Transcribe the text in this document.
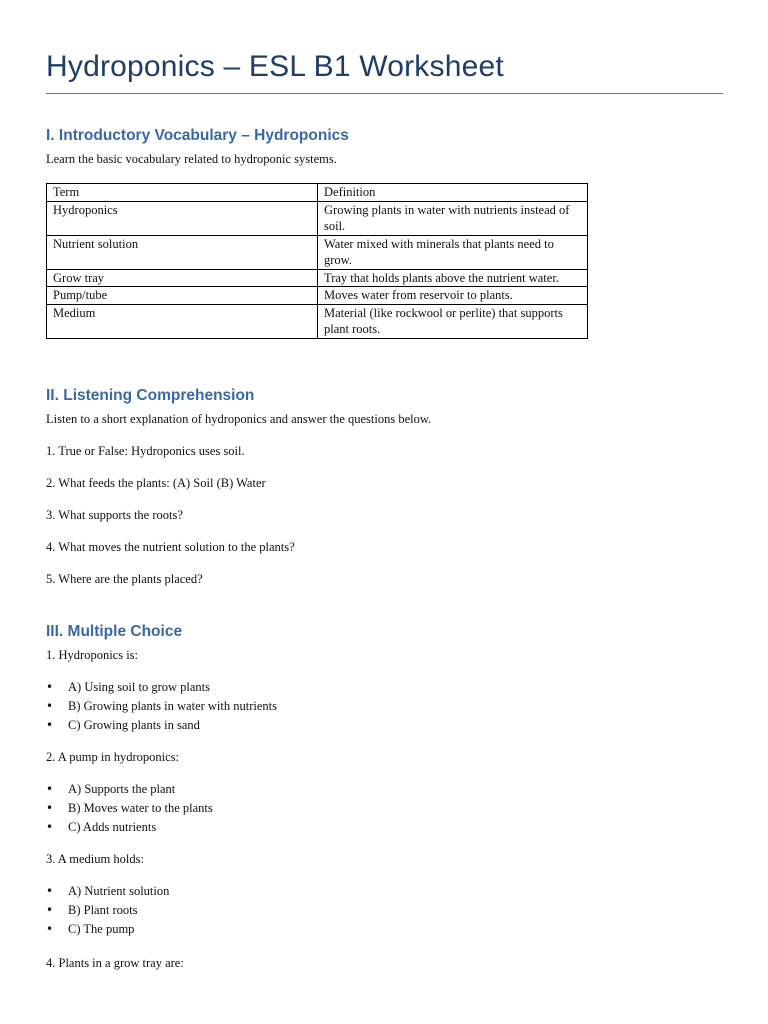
Hydroponics – ESL B1 Worksheet
I. Introductory Vocabulary – Hydroponics

Learn the basic vocabulary related to hydroponic systems.

Term	Definition
Hydroponics	Growing plants in water with nutrients instead of soil.
Nutrient solution	Water mixed with minerals that plants need to grow.
Grow tray	Tray that holds plants above the nutrient water.
Pump/tube	Moves water from reservoir to plants.
Medium	Material (like rockwool or perlite) that supports plant roots.
II. Listening Comprehension

Listen to a short explanation of hydroponics and answer the questions below.

1. True or False: Hydroponics uses soil.

2. What feeds the plants: (A) Soil (B) Water

3. What supports the roots?

4. What moves the nutrient solution to the plants?

5. Where are the plants placed?

III. Multiple Choice

1. Hydroponics is:

• A) Using soil to grow plants
• B) Growing plants in water with nutrients
• C) Growing plants in sand

2. A pump in hydroponics:

• A) Supports the plant
• B) Moves water to the plants
• C) Adds nutrients

3. A medium holds:

• A) Nutrient solution
• B) Plant roots
• C) The pump

4. Plants in a grow tray are:
